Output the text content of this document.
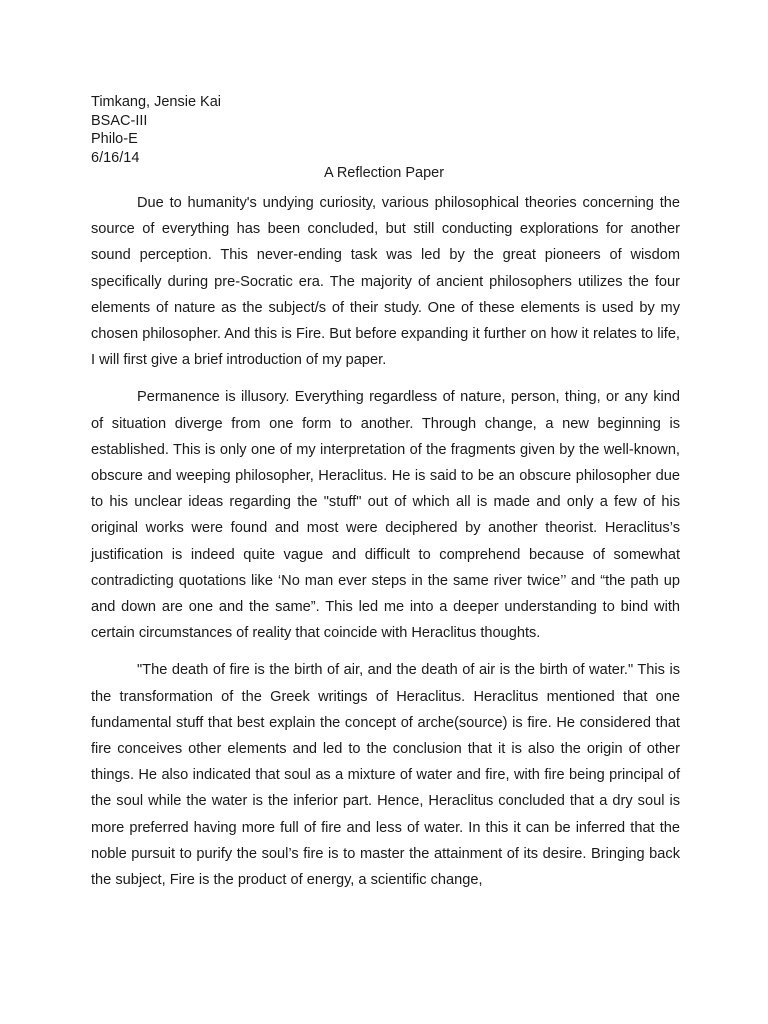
Timkang, Jensie Kai
BSAC-III
Philo-E
6/16/14
A Reflection Paper

Due to humanity's undying curiosity, various philosophical theories concerning the source of everything has been concluded, but still conducting explorations for another sound perception. This never-ending task was led by the great pioneers of wisdom specifically during pre-Socratic era. The majority of ancient philosophers utilizes the four elements of nature as the subject/s of their study. One of these elements is used by my chosen philosopher. And this is Fire. But before expanding it further on how it relates to life, I will first give a brief introduction of my paper.

Permanence is illusory. Everything regardless of nature, person, thing, or any kind of situation diverge from one form to another. Through change, a new beginning is established. This is only one of my interpretation of the fragments given by the well-known, obscure and weeping philosopher, Heraclitus. He is said to be an obscure philosopher due to his unclear ideas regarding the "stuff" out of which all is made and only a few of his original works were found and most were deciphered by another theorist. Heraclitus’s justification is indeed quite vague and difficult to comprehend because of somewhat contradicting quotations like ‘No man ever steps in the same river twice’’ and “the path up and down are one and the same”. This led me into a deeper understanding to bind with certain circumstances of reality that coincide with Heraclitus thoughts.

"The death of fire is the birth of air, and the death of air is the birth of water." This is the transformation of the Greek writings of Heraclitus. Heraclitus mentioned that one fundamental stuff that best explain the concept of arche(source) is fire. He considered that fire conceives other elements and led to the conclusion that it is also the origin of other things. He also indicated that soul as a mixture of water and fire, with fire being principal of the soul while the water is the inferior part. Hence, Heraclitus concluded that a dry soul is more preferred having more full of fire and less of water. In this it can be inferred that the noble pursuit to purify the soul’s fire is to master the attainment of its desire. Bringing back the subject, Fire is the product of energy, a scientific change,
